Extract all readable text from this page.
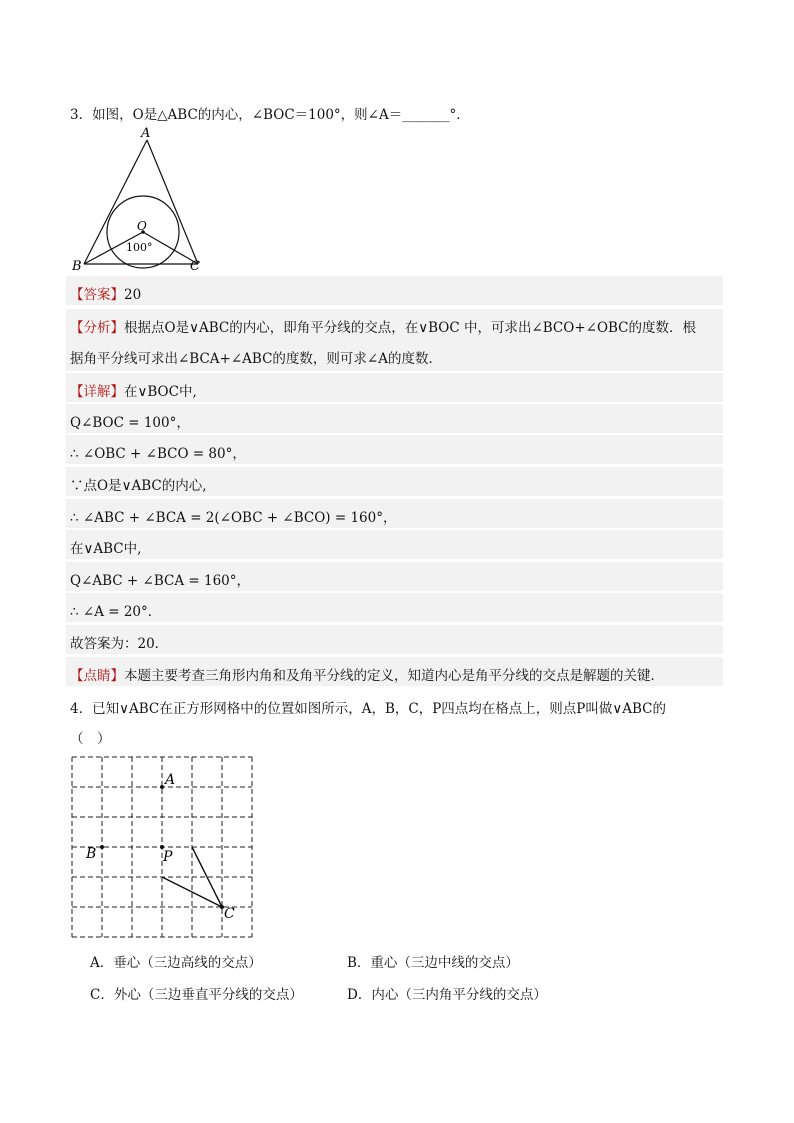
3．如图，O是△ABC的内心，∠BOC＝100°，则∠A＝_______°．
A
B	C
O
100°
【答案】20
【分析】根据点O是∨ABC的内心，即角平分线的交点，在∨BOC 中，可求出∠BCO+∠OBC的度数．根
据角平分线可求出∠BCA+∠ABC的度数，则可求∠A的度数．
【详解】在∨BOC中,
Q∠BOC = 100°，
∴ ∠OBC + ∠BCO = 80°，
∵点O是∨ABC的内心,
∴ ∠ABC + ∠BCA = 2(∠OBC + ∠BCO) = 160°，
在∨ABC中,
Q∠ABC + ∠BCA = 160°，
∴ ∠A = 20°．
故答案为：20．
【点睛】本题主要考查三角形内角和及角平分线的定义，知道内心是角平分线的交点是解题的关键．
4．已知∨ABC在正方形网格中的位置如图所示，A，B，C，P四点均在格点上，则点P叫做∨ABC的
（　）
A
B	P
C
A．垂心（三边高线的交点）	B．重心（三边中线的交点）
C．外心（三边垂直平分线的交点）	D．内心（三内角平分线的交点）
